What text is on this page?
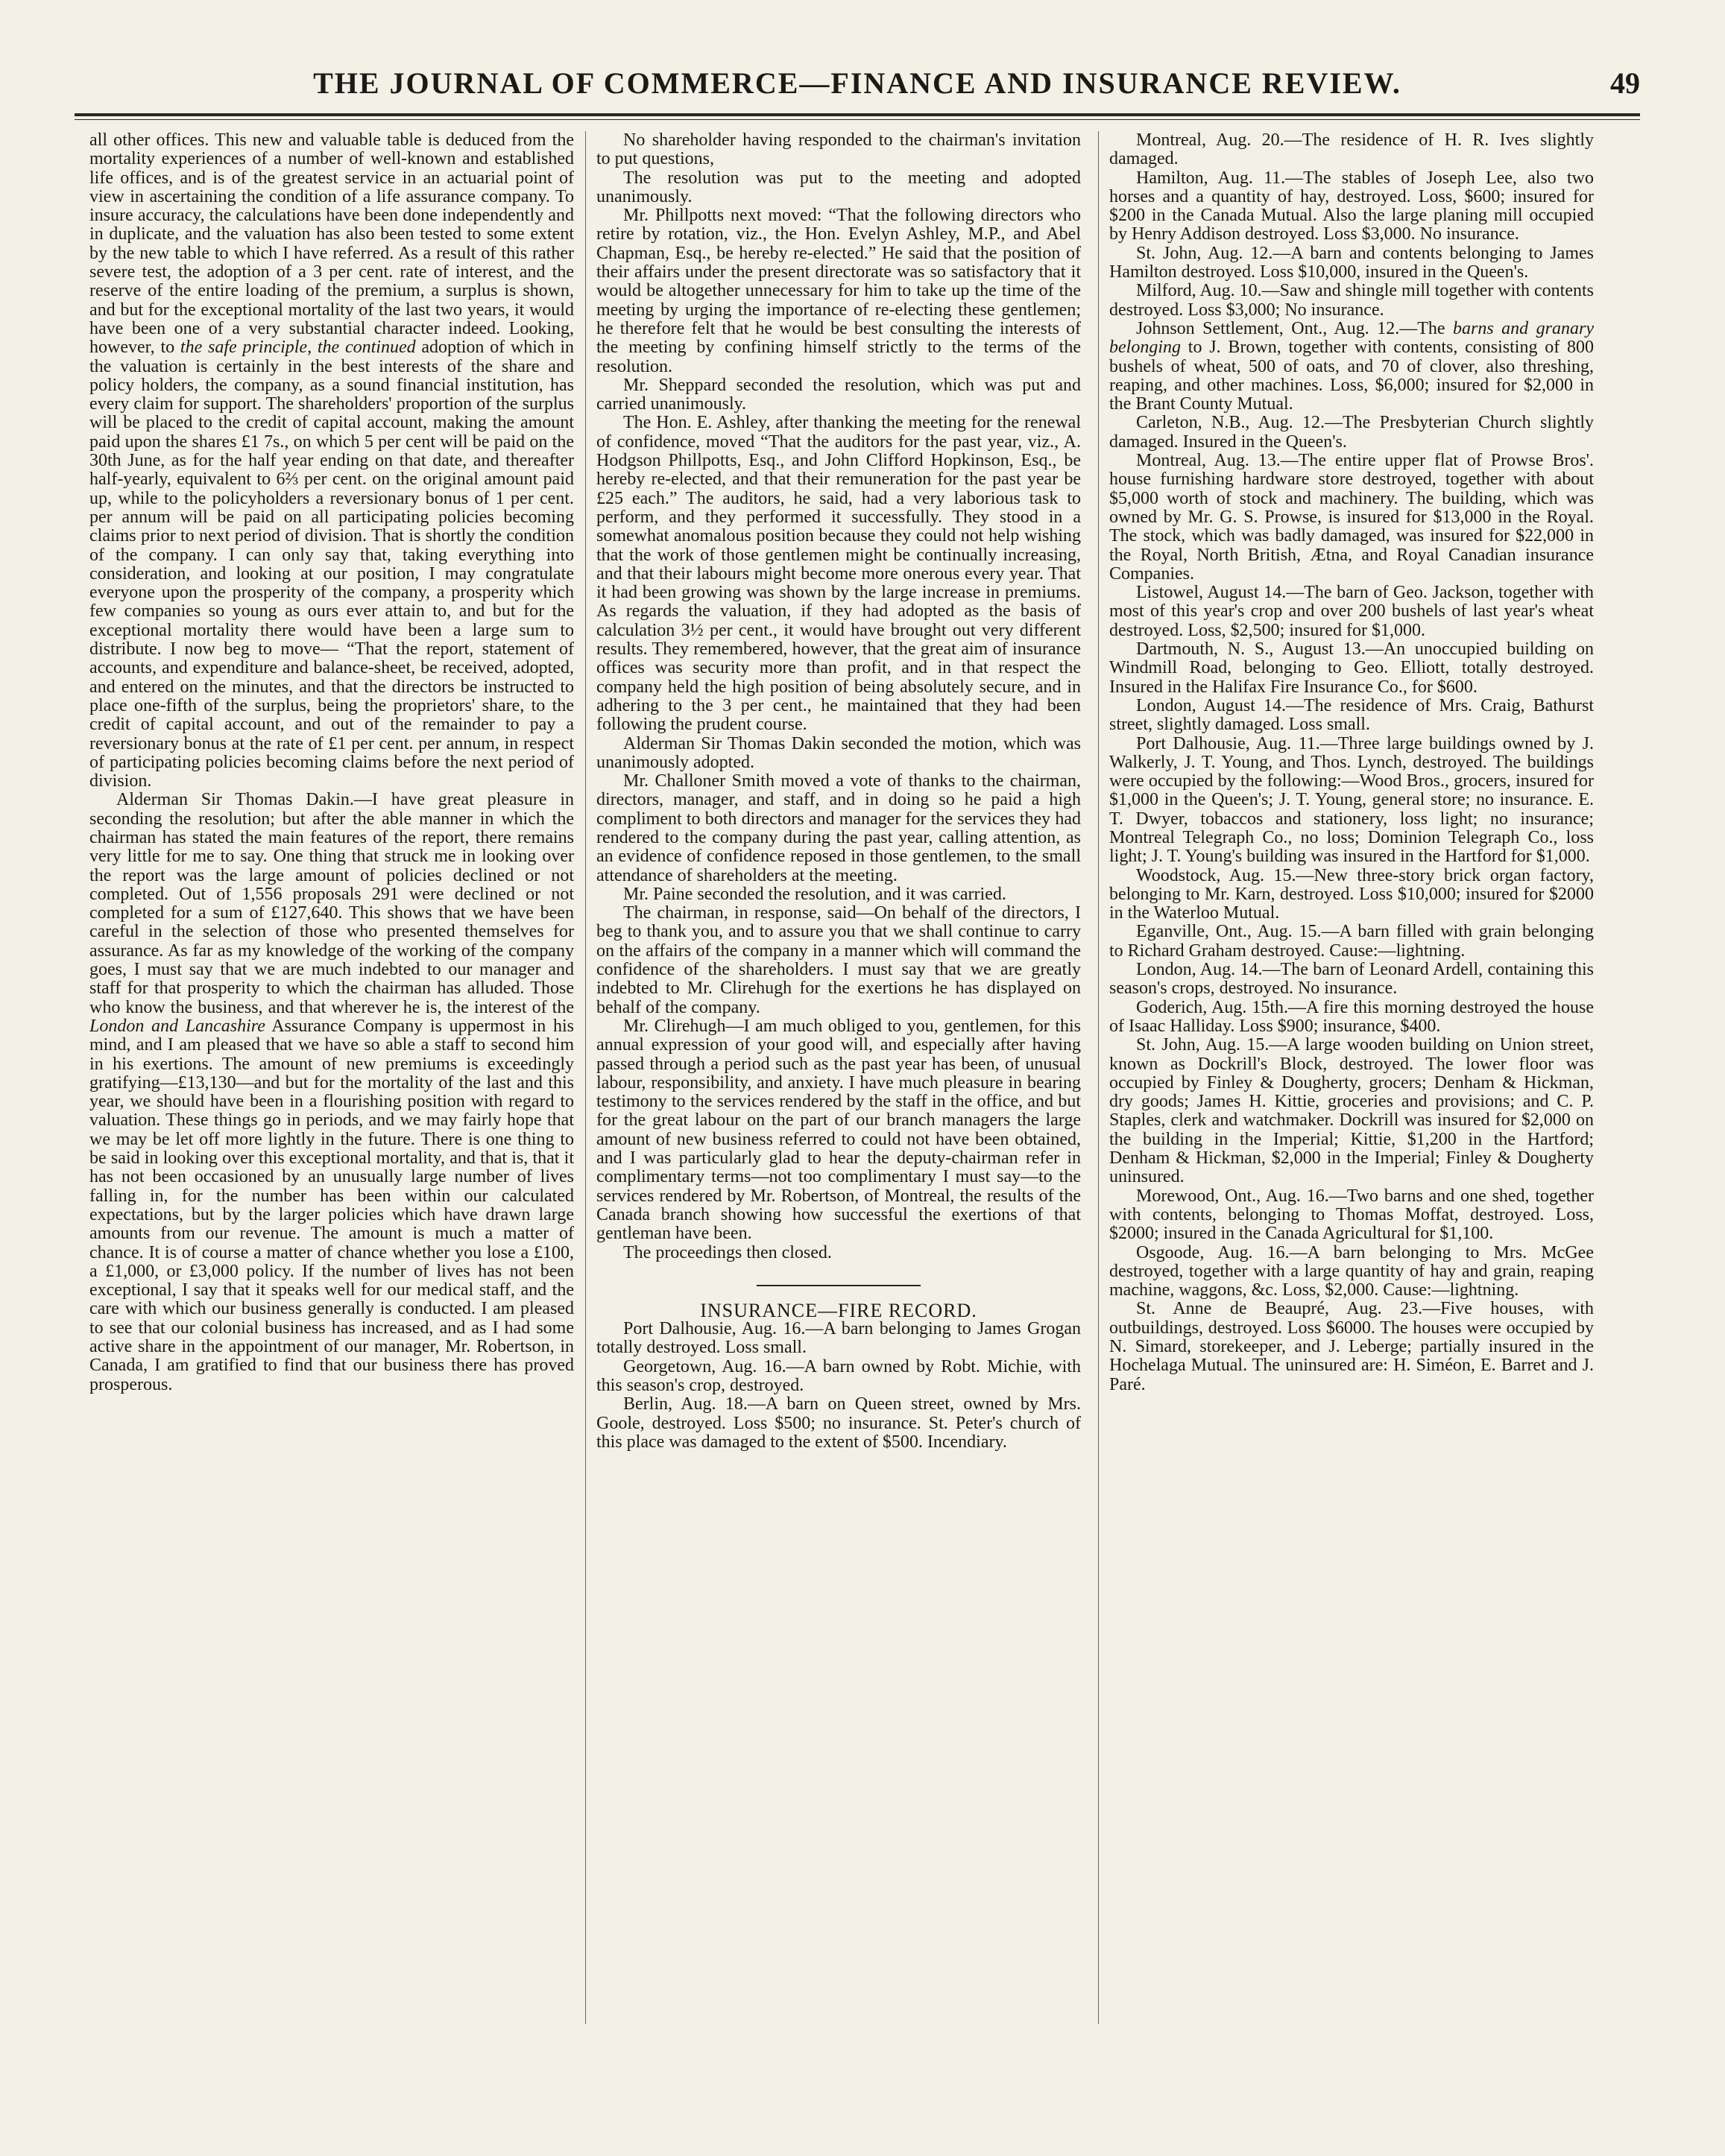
THE JOURNAL OF COMMERCE—FINANCE AND INSURANCE REVIEW.	49

all other offices. This new and valuable table is deduced from the mortality experiences of a number of well-known and established life offices, and is of the greatest service in an actuarial point of view in ascertaining the condition of a life assurance company. To insure accuracy, the calculations have been done independently and in duplicate, and the valuation has also been tested to some extent by the new table to which I have referred. As a result of this rather severe test, the adoption of a 3 per cent. rate of interest, and the reserve of the entire loading of the premium, a surplus is shown, and but for the exceptional mortality of the last two years, it would have been one of a very substantial character indeed. Looking, however, to the safe principle, the continued adoption of which in the valuation is certainly in the best interests of the share and policy holders, the company, as a sound financial institution, has every claim for support. The shareholders' proportion of the surplus will be placed to the credit of capital account, making the amount paid upon the shares £1 7s., on which 5 per cent will be paid on the 30th June, as for the half year ending on that date, and thereafter half-yearly, equivalent to 6⅔ per cent. on the original amount paid up, while to the policyholders a reversionary bonus of 1 per cent. per annum will be paid on all participating policies becoming claims prior to next period of division. That is shortly the condition of the company. I can only say that, taking everything into consideration, and looking at our position, I may congratulate everyone upon the prosperity of the company, a prosperity which few companies so young as ours ever attain to, and but for the exceptional mortality there would have been a large sum to distribute. I now beg to move— “That the report, statement of accounts, and expenditure and balance-sheet, be received, adopted, and entered on the minutes, and that the directors be instructed to place one-fifth of the surplus, being the proprietors' share, to the credit of capital account, and out of the remainder to pay a reversionary bonus at the rate of £1 per cent. per annum, in respect of participating policies becoming claims before the next period of division.

Alderman Sir Thomas Dakin.—I have great pleasure in seconding the resolution; but after the able manner in which the chairman has stated the main features of the report, there remains very little for me to say. One thing that struck me in looking over the report was the large amount of policies declined or not completed. Out of 1,556 proposals 291 were declined or not completed for a sum of £127,640. This shows that we have been careful in the selection of those who presented themselves for assurance. As far as my knowledge of the working of the company goes, I must say that we are much indebted to our manager and staff for that prosperity to which the chairman has alluded. Those who know the business, and that wherever he is, the interest of the London and Lancashire Assurance Company is uppermost in his mind, and I am pleased that we have so able a staff to second him in his exertions. The amount of new premiums is exceedingly gratifying—£13,130—and but for the mortality of the last and this year, we should have been in a flourishing position with regard to valuation. These things go in periods, and we may fairly hope that we may be let off more lightly in the future. There is one thing to be said in looking over this exceptional mortality, and that is, that it has not been occasioned by an unusually large number of lives falling in, for the number has been within our calculated expectations, but by the larger policies which have drawn large amounts from our revenue. The amount is much a matter of chance. It is of course a matter of chance whether you lose a £100, a £1,000, or £3,000 policy. If the number of lives has not been exceptional, I say that it speaks well for our medical staff, and the care with which our business generally is conducted. I am pleased to see that our colonial business has increased, and as I had some active share in the appointment of our manager, Mr. Robertson, in Canada, I am gratified to find that our business there has proved prosperous.

No shareholder having responded to the chairman's invitation to put questions,

The resolution was put to the meeting and adopted unanimously.

Mr. Phillpotts next moved: “That the following directors who retire by rotation, viz., the Hon. Evelyn Ashley, M.P., and Abel Chapman, Esq., be hereby re-elected.” He said that the position of their affairs under the present directorate was so satisfactory that it would be altogether unnecessary for him to take up the time of the meeting by urging the importance of re-electing these gentlemen; he therefore felt that he would be best consulting the interests of the meeting by confining himself strictly to the terms of the resolution.

Mr. Sheppard seconded the resolution, which was put and carried unanimously.

The Hon. E. Ashley, after thanking the meeting for the renewal of confidence, moved “That the auditors for the past year, viz., A. Hodgson Phillpotts, Esq., and John Clifford Hopkinson, Esq., be hereby re-elected, and that their remuneration for the past year be £25 each.” The auditors, he said, had a very laborious task to perform, and they performed it successfully. They stood in a somewhat anomalous position because they could not help wishing that the work of those gentlemen might be continually increasing, and that their labours might become more onerous every year. That it had been growing was shown by the large increase in premiums. As regards the valuation, if they had adopted as the basis of calculation 3½ per cent., it would have brought out very different results. They remembered, however, that the great aim of insurance offices was security more than profit, and in that respect the company held the high position of being absolutely secure, and in adhering to the 3 per cent., he maintained that they had been following the prudent course.

Alderman Sir Thomas Dakin seconded the motion, which was unanimously adopted.

Mr. Challoner Smith moved a vote of thanks to the chairman, directors, manager, and staff, and in doing so he paid a high compliment to both directors and manager for the services they had rendered to the company during the past year, calling attention, as an evidence of confidence reposed in those gentlemen, to the small attendance of shareholders at the meeting.

Mr. Paine seconded the resolution, and it was carried.

The chairman, in response, said—On behalf of the directors, I beg to thank you, and to assure you that we shall continue to carry on the affairs of the company in a manner which will command the confidence of the shareholders. I must say that we are greatly indebted to Mr. Clirehugh for the exertions he has displayed on behalf of the company.

Mr. Clirehugh—I am much obliged to you, gentlemen, for this annual expression of your good will, and especially after having passed through a period such as the past year has been, of unusual labour, responsibility, and anxiety. I have much pleasure in bearing testimony to the services rendered by the staff in the office, and but for the great labour on the part of our branch managers the large amount of new business referred to could not have been obtained, and I was particularly glad to hear the deputy-chairman refer in complimentary terms—not too complimentary I must say—to the services rendered by Mr. Robertson, of Montreal, the results of the Canada branch showing how successful the exertions of that gentleman have been.

The proceedings then closed.

INSURANCE—FIRE RECORD.

Port Dalhousie, Aug. 16.—A barn belonging to James Grogan totally destroyed. Loss small.

Georgetown, Aug. 16.—A barn owned by Robt. Michie, with this season's crop, destroyed.

Berlin, Aug. 18.—A barn on Queen street, owned by Mrs. Goole, destroyed. Loss $500; no insurance. St. Peter's church of this place was damaged to the extent of $500. Incendiary.

Montreal, Aug. 20.—The residence of H. R. Ives slightly damaged.

Hamilton, Aug. 11.—The stables of Joseph Lee, also two horses and a quantity of hay, destroyed. Loss, $600; insured for $200 in the Canada Mutual. Also the large planing mill occupied by Henry Addison destroyed. Loss $3,000. No insurance.

St. John, Aug. 12.—A barn and contents belonging to James Hamilton destroyed. Loss $10,000, insured in the Queen's.

Milford, Aug. 10.—Saw and shingle mill together with contents destroyed. Loss $3,000; No insurance.

Johnson Settlement, Ont., Aug. 12.—The barns and granary belonging to J. Brown, together with contents, consisting of 800 bushels of wheat, 500 of oats, and 70 of clover, also threshing, reaping, and other machines. Loss, $6,000; insured for $2,000 in the Brant County Mutual.

Carleton, N.B., Aug. 12.—The Presbyterian Church slightly damaged. Insured in the Queen's.

Montreal, Aug. 13.—The entire upper flat of Prowse Bros'. house furnishing hardware store destroyed, together with about $5,000 worth of stock and machinery. The building, which was owned by Mr. G. S. Prowse, is insured for $13,000 in the Royal. The stock, which was badly damaged, was insured for $22,000 in the Royal, North British, Ætna, and Royal Canadian insurance Companies.

Listowel, August 14.—The barn of Geo. Jackson, together with most of this year's crop and over 200 bushels of last year's wheat destroyed. Loss, $2,500; insured for $1,000.

Dartmouth, N. S., August 13.—An unoccupied building on Windmill Road, belonging to Geo. Elliott, totally destroyed. Insured in the Halifax Fire Insurance Co., for $600.

London, August 14.—The residence of Mrs. Craig, Bathurst street, slightly damaged. Loss small.

Port Dalhousie, Aug. 11.—Three large buildings owned by J. Walkerly, J. T. Young, and Thos. Lynch, destroyed. The buildings were occupied by the following:—Wood Bros., grocers, insured for $1,000 in the Queen's; J. T. Young, general store; no insurance. E. T. Dwyer, tobaccos and stationery, loss light; no insurance; Montreal Telegraph Co., no loss; Dominion Telegraph Co., loss light; J. T. Young's building was insured in the Hartford for $1,000.

Woodstock, Aug. 15.—New three-story brick organ factory, belonging to Mr. Karn, destroyed. Loss $10,000; insured for $2000 in the Waterloo Mutual.

Eganville, Ont., Aug. 15.—A barn filled with grain belonging to Richard Graham destroyed. Cause:—lightning.

London, Aug. 14.—The barn of Leonard Ardell, containing this season's crops, destroyed. No insurance.

Goderich, Aug. 15th.—A fire this morning destroyed the house of Isaac Halliday. Loss $900; insurance, $400.

St. John, Aug. 15.—A large wooden building on Union street, known as Dockrill's Block, destroyed. The lower floor was occupied by Finley & Dougherty, grocers; Denham & Hickman, dry goods; James H. Kittie, groceries and provisions; and C. P. Staples, clerk and watchmaker. Dockrill was insured for $2,000 on the building in the Imperial; Kittie, $1,200 in the Hartford; Denham & Hickman, $2,000 in the Imperial; Finley & Dougherty uninsured.

Morewood, Ont., Aug. 16.—Two barns and one shed, together with contents, belonging to Thomas Moffat, destroyed. Loss, $2000; insured in the Canada Agricultural for $1,100.

Osgoode, Aug. 16.—A barn belonging to Mrs. McGee destroyed, together with a large quantity of hay and grain, reaping machine, waggons, &c. Loss, $2,000. Cause:—lightning.

St. Anne de Beaupré, Aug. 23.—Five houses, with outbuildings, destroyed. Loss $6000. The houses were occupied by N. Simard, storekeeper, and J. Leberge; partially insured in the Hochelaga Mutual. The uninsured are: H. Siméon, E. Barret and J. Paré.
